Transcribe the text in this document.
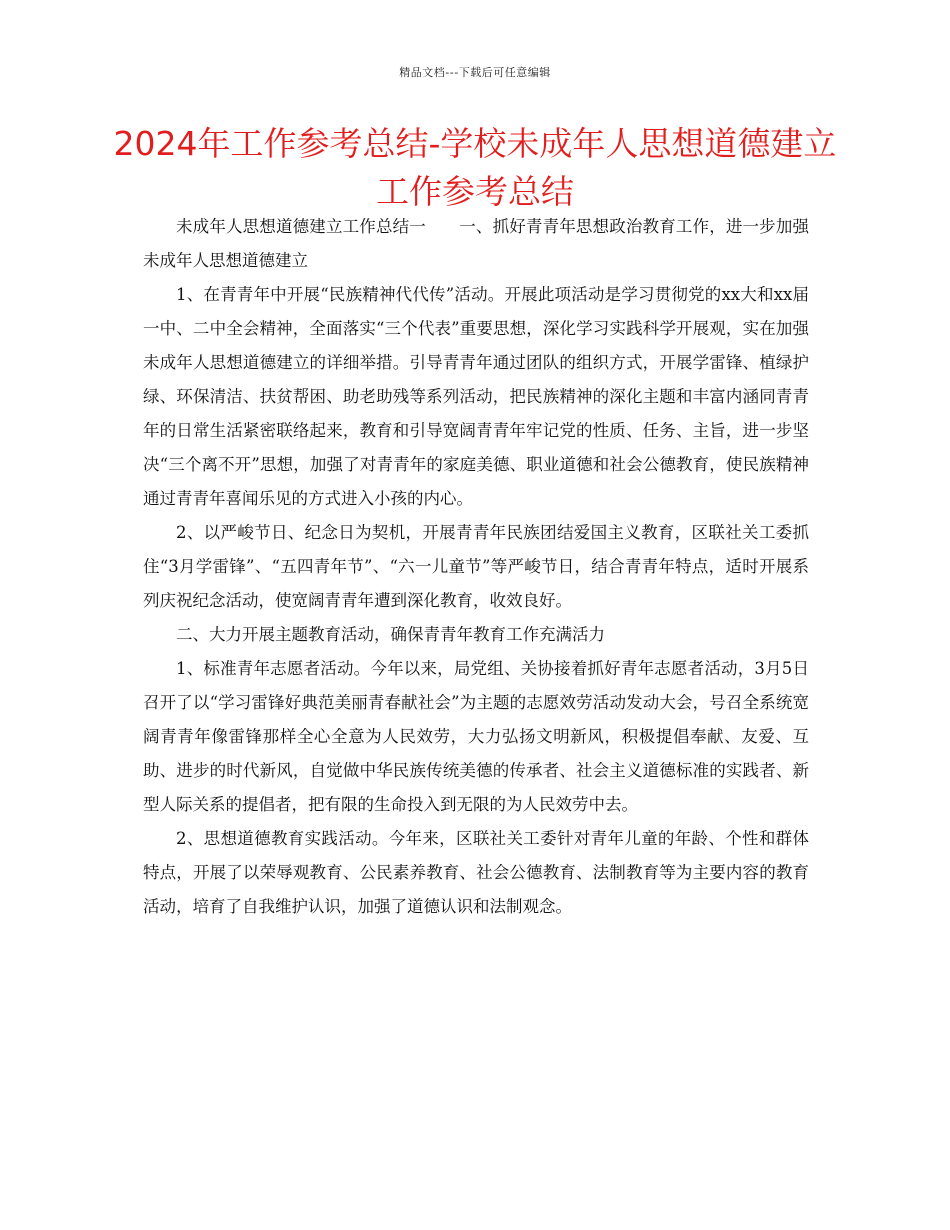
精品文档---下载后可任意编辑
2024年工作参考总结-学校未成年人思想道德建立工作参考总结

未成年人思想道德建立工作总结一　　一、抓好青青年思想政治教育工作，进一步加强未成年人思想道德建立

1、在青青年中开展“民族精神代代传”活动。开展此项活动是学习贯彻党的xx大和xx届一中、二中全会精神，全面落实“三个代表”重要思想，深化学习实践科学开展观，实在加强未成年人思想道德建立的详细举措。引导青青年通过团队的组织方式，开展学雷锋、植绿护绿、环保清洁、扶贫帮困、助老助残等系列活动，把民族精神的深化主题和丰富内涵同青青年的日常生活紧密联络起来，教育和引导宽阔青青年牢记党的性质、任务、主旨，进一步坚决“三个离不开”思想，加强了对青青年的家庭美德、职业道德和社会公德教育，使民族精神通过青青年喜闻乐见的方式进入小孩的内心。

2、以严峻节日、纪念日为契机，开展青青年民族团结爱国主义教育，区联社关工委抓住“3月学雷锋”、“五四青年节”、“六一儿童节”等严峻节日，结合青青年特点，适时开展系列庆祝纪念活动，使宽阔青青年遭到深化教育，收效良好。

二、大力开展主题教育活动，确保青青年教育工作充满活力

1、标准青年志愿者活动。今年以来，局党组、关协接着抓好青年志愿者活动，3月5日召开了以“学习雷锋好典范美丽青春献社会”为主题的志愿效劳活动发动大会，号召全系统宽阔青青年像雷锋那样全心全意为人民效劳，大力弘扬文明新风，积极提倡奉献、友爱、互助、进步的时代新风，自觉做中华民族传统美德的传承者、社会主义道德标准的实践者、新型人际关系的提倡者，把有限的生命投入到无限的为人民效劳中去。

2、思想道德教育实践活动。今年来，区联社关工委针对青年儿童的年龄、个性和群体特点，开展了以荣辱观教育、公民素养教育、社会公德教育、法制教育等为主要内容的教育活动，培育了自我维护认识，加强了道德认识和法制观念。
